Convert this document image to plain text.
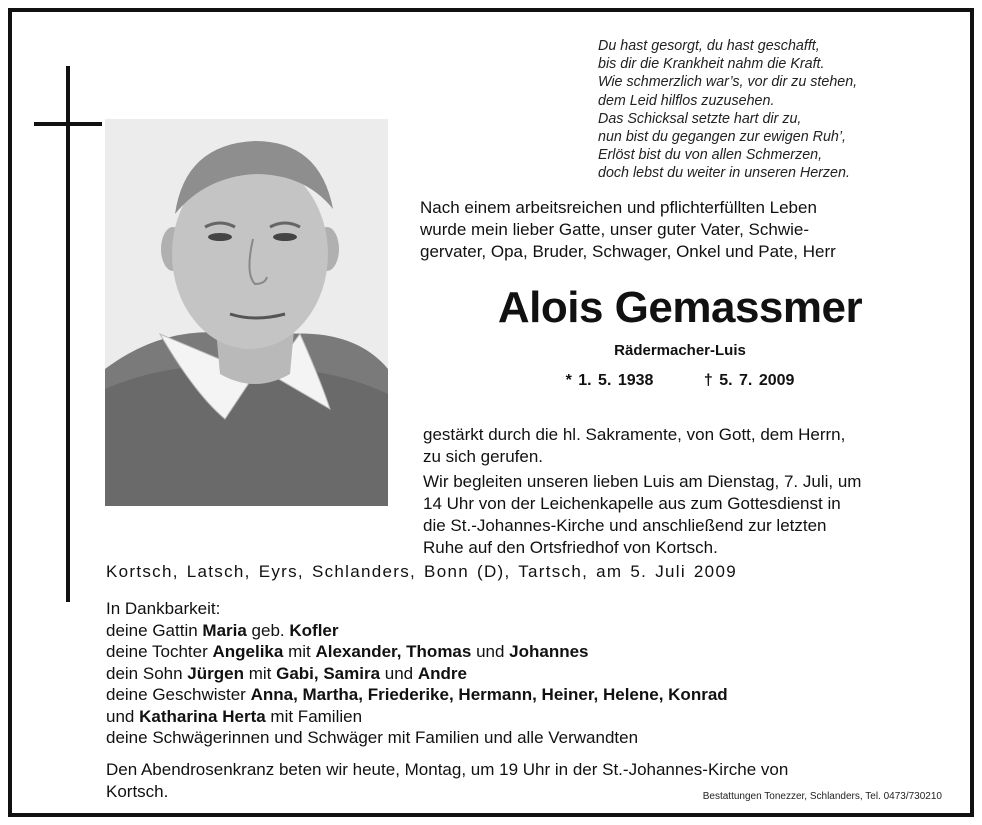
Du hast gesorgt, du hast geschafft,
bis dir die Krankheit nahm die Kraft.
Wie schmerzlich war’s, vor dir zu stehen,
dem Leid hilflos zuzusehen.
Das Schicksal setzte hart dir zu,
nun bist du gegangen zur ewigen Ruh’,
Erlöst bist du von allen Schmerzen,
doch lebst du weiter in unseren Herzen.
Nach einem arbeitsreichen und pflichterfüllten Leben
wurde mein lieber Gatte, unser guter Vater, Schwie-
gervater, Opa, Bruder, Schwager, Onkel und Pate, Herr
Alois Gemassmer
Rädermacher-Luis
* 1. 5. 1938	† 5. 7. 2009
gestärkt durch die hl. Sakramente, von Gott, dem Herrn,
zu sich gerufen.
Wir begleiten unseren lieben Luis am Dienstag, 7. Juli, um
14 Uhr von der Leichenkapelle aus zum Gottesdienst in
die St.-Johannes-Kirche und anschließend zur letzten
Ruhe auf den Ortsfriedhof von Kortsch.
Kortsch, Latsch, Eyrs, Schlanders, Bonn (D), Tartsch, am 5. Juli 2009
In Dankbarkeit:
deine Gattin Maria geb. Kofler
deine Tochter Angelika mit Alexander, Thomas und Johannes
dein Sohn Jürgen mit Gabi, Samira und Andre
deine Geschwister Anna, Martha, Friederike, Hermann, Heiner, Helene, Konrad
und Katharina Herta mit Familien
deine Schwägerinnen und Schwäger mit Familien und alle Verwandten
Den Abendrosenkranz beten wir heute, Montag, um 19 Uhr in der St.-Johannes-Kirche von
Kortsch.	Bestattungen Tonezzer, Schlanders, Tel. 0473/730210
